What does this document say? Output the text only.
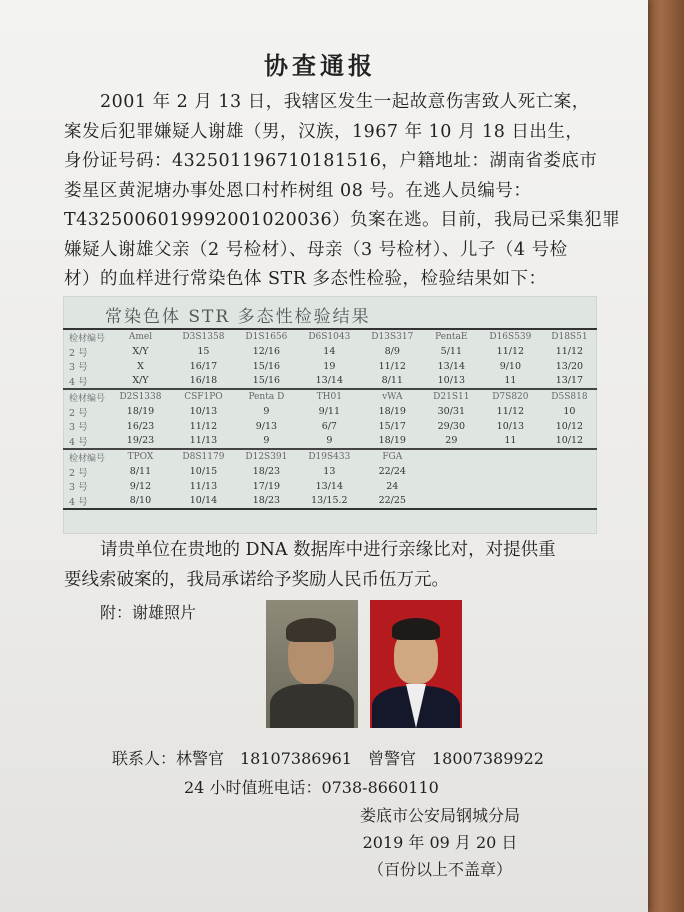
协查通报
2001 年 2 月 13 日，我辖区发生一起故意伤害致人死亡案，
案发后犯罪嫌疑人谢雄（男，汉族，1967 年 10 月 18 日出生，
身份证号码：432501196710181516，户籍地址：湖南省娄底市
娄星区黄泥塘办事处恩口村柞树组 08 号。在逃人员编号：
T4325006019992001020036）负案在逃。目前，我局已采集犯罪
嫌疑人谢雄父亲（2 号检材）、母亲（3 号检材）、儿子（4 号检
材）的血样进行常染色体 STR 多态性检验，检验结果如下：
常染色体 STR 多态性检验结果
检材编号	Amel	D3S1358	D1S1656	D6S1043	D13S317	PentaE	D16S539	D18S51
2 号	X/Y	15	12/16	14	8/9	5/11	11/12	11/12
3 号	X	16/17	15/16	19	11/12	13/14	9/10	13/20
4 号	X/Y	16/18	15/16	13/14	8/11	10/13	11	13/17
检材编号	D2S1338	CSF1PO	Penta D	TH01	vWA	D21S11	D7S820	D5S818
2 号	18/19	10/13	9	9/11	18/19	30/31	11/12	10
3 号	16/23	11/12	9/13	6/7	15/17	29/30	10/13	10/12
4 号	19/23	11/13	9	9	18/19	29	11	10/12
检材编号	TPOX	D8S1179	D12S391	D19S433	FGA			
2 号	8/11	10/15	18/23	13	22/24			
3 号	9/12	11/13	17/19	13/14	24			
4 号	8/10	10/14	18/23	13/15.2	22/25			
请贵单位在贵地的 DNA 数据库中进行亲缘比对，对提供重
要线索破案的，我局承诺给予奖励人民币伍万元。
附：谢雄照片
联系人：林警官　18107386961　曾警官　18007389922
24 小时值班电话：0738-8660110
娄底市公安局钢城分局
2019 年 09 月 20 日
（百份以上不盖章）
